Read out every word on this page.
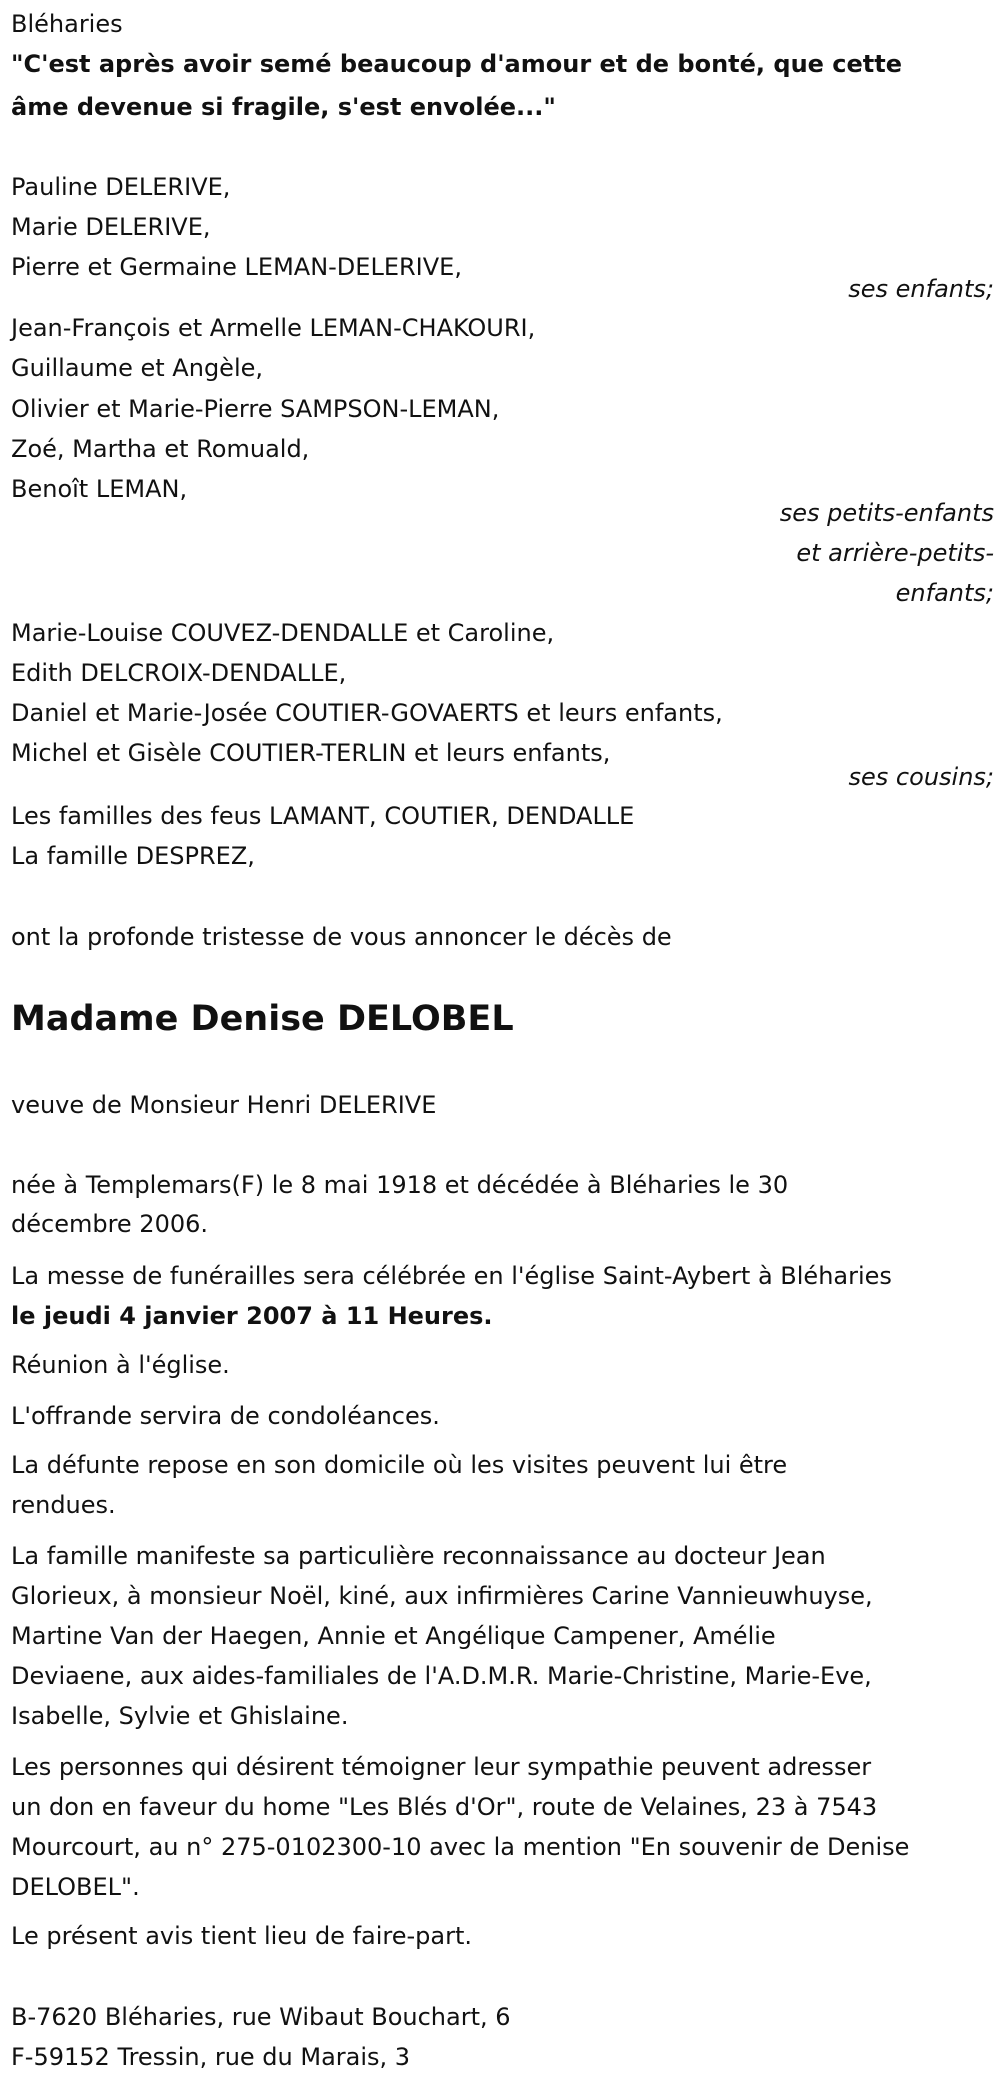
Bléharies
"C'est après avoir semé beaucoup d'amour et de bonté, que cette
âme devenue si fragile, s'est envolée..."
Pauline DELERIVE,
Marie DELERIVE,
Pierre et Germaine LEMAN-DELERIVE,
ses enfants;
Jean-François et Armelle LEMAN-CHAKOURI,
Guillaume et Angèle,
Olivier et Marie-Pierre SAMPSON-LEMAN,
Zoé, Martha et Romuald,
Benoît LEMAN,
ses petits-enfants
et arrière-petits-
enfants;
Marie-Louise COUVEZ-DENDALLE et Caroline,
Edith DELCROIX-DENDALLE,
Daniel et Marie-Josée COUTIER-GOVAERTS et leurs enfants,
Michel et Gisèle COUTIER-TERLIN et leurs enfants,
ses cousins;
Les familles des feus LAMANT, COUTIER, DENDALLE
La famille DESPREZ,
ont la profonde tristesse de vous annoncer le décès de
Madame Denise DELOBEL
veuve de Monsieur Henri DELERIVE
née à Templemars(F) le 8 mai 1918 et décédée à Bléharies le 30
décembre 2006.
La messe de funérailles sera célébrée en l'église Saint-Aybert à Bléharies
le jeudi 4 janvier 2007 à 11 Heures.
Réunion à l'église.
L'offrande servira de condoléances.
La défunte repose en son domicile où les visites peuvent lui être
rendues.
La famille manifeste sa particulière reconnaissance au docteur Jean
Glorieux, à monsieur Noël, kiné, aux infirmières Carine Vannieuwhuyse,
Martine Van der Haegen, Annie et Angélique Campener, Amélie
Deviaene, aux aides-familiales de l'A.D.M.R. Marie-Christine, Marie-Eve,
Isabelle, Sylvie et Ghislaine.
Les personnes qui désirent témoigner leur sympathie peuvent adresser
un don en faveur du home "Les Blés d'Or", route de Velaines, 23 à 7543
Mourcourt, au n° 275-0102300-10 avec la mention "En souvenir de Denise
DELOBEL".
Le présent avis tient lieu de faire-part.
B-7620 Bléharies, rue Wibaut Bouchart, 6
F-59152 Tressin, rue du Marais, 3
